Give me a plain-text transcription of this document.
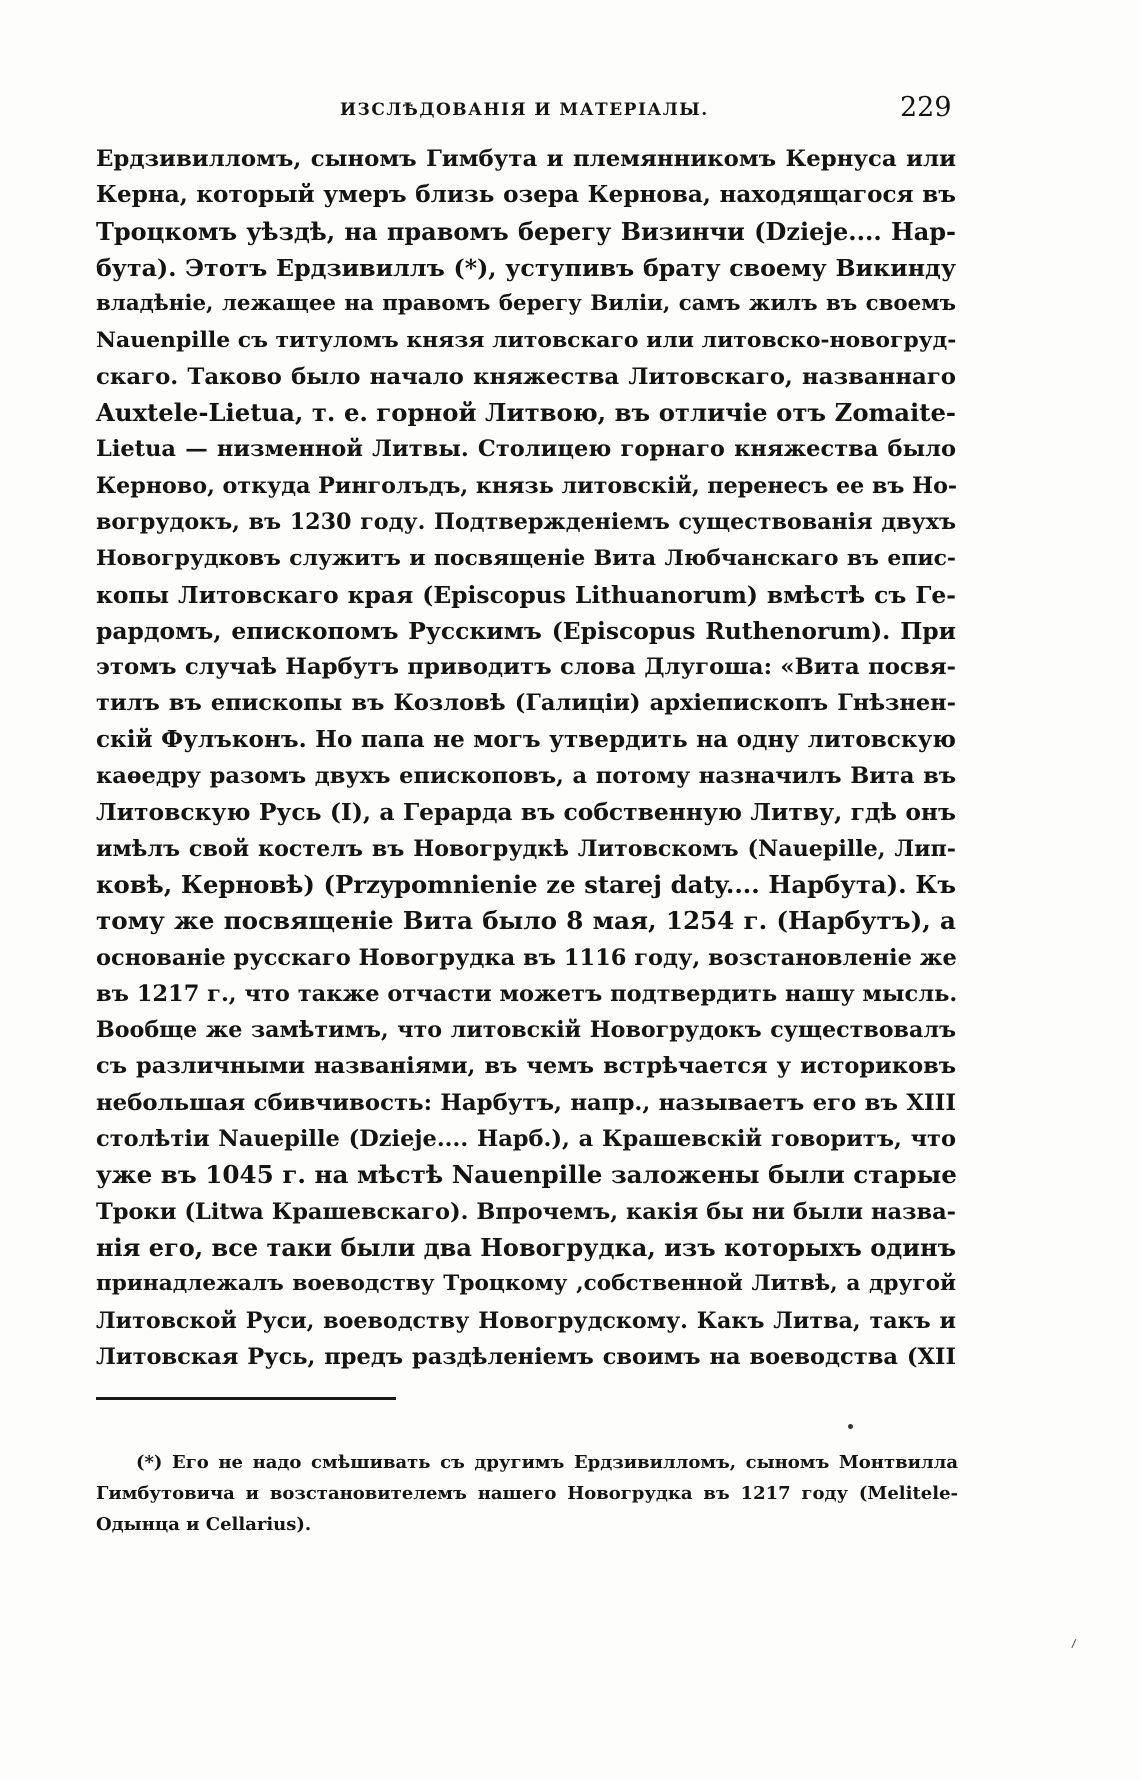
ИЗСЛѢДОВАНІЯ И МАТЕРІАЛЫ.	229
Ердзивилломъ, сыномъ Гимбута и племянникомъ Кернуса или
Керна, который умеръ близь озера Кернова, находящагося въ
Троцкомъ уѣздѣ, на правомъ берегу Визинчи (Dzieje.... Нар-
бута). Этотъ Ердзивиллъ (*), уступивъ брату своему Викинду
владѣніе, лежащее на правомъ берегу Виліи, самъ жилъ въ своемъ
Nauenpille съ титуломъ князя литовскаго или литовско-новогруд-
скаго. Таково было начало княжества Литовскаго, названнаго
Auxtele-Lietua, т. е. горной Литвою, въ отличіе отъ Zomaite-
Lietua — низменной Литвы. Столицею горнаго княжества было
Керново, откуда Ринголъдъ, князь литовскій, перенесъ ее въ Но-
вогрудокъ, въ 1230 году. Подтвержденіемъ существованія двухъ
Новогрудковъ служитъ и посвященіе Вита Любчанскаго въ епис-
копы Литовскаго края (Episcopus Lithuanorum) вмѣстѣ съ Ге-
рардомъ, епископомъ Русскимъ (Episcopus Ruthenorum). При
этомъ случаѣ Нарбутъ приводитъ слова Длугоша: «Вита посвя-
тилъ въ епископы въ Козловѣ (Галиціи) архіепископъ Гнѣзнен-
скій Фулъконъ. Но папа не могъ утвердить на одну литовскую
каѳедру разомъ двухъ епископовъ, а потому назначилъ Вита въ
Литовскую Русь (I), а Герарда въ собственную Литву, гдѣ онъ
имѣлъ свой костелъ въ Новогрудкѣ Литовскомъ (Nauepille, Лип-
ковѣ, Керновѣ) (Przypomnienie ze starej daty.... Нарбута). Къ
тому же посвященіе Вита было 8 мая, 1254 г. (Нарбутъ), а
основаніе русскаго Новогрудка въ 1116 году, возстановленіе же
въ 1217 г., что также отчасти можетъ подтвердить нашу мысль.
Вообще же замѣтимъ, что литовскій Новогрудокъ существовалъ
съ различными названіями, въ чемъ встрѣчается у историковъ
небольшая сбивчивость: Нарбутъ, напр., называетъ его въ XIII
столѣтіи Nauepille (Dzieje.... Нарб.), а Крашевскій говоритъ, что
уже въ 1045 г. на мѣстѣ Nauenpille заложены были старые
Троки (Litwa Крашевскаго). Впрочемъ, какія бы ни были назва-
нія его, все таки были два Новогрудка, изъ которыхъ одинъ
принадлежалъ воеводству Троцкому ,собственной Литвѣ, а другой
Литовской Руси, воеводству Новогрудскому. Какъ Литва, такъ и
Литовская Русь, предъ раздѣленіемъ своимъ на воеводства (XII
(*) Его не надо смѣшивать съ другимъ Ердзивилломъ, сыномъ Монтвилла
Гимбутовича и возстановителемъ нашего Новогрудка въ 1217 году (Melitele-
Одынца и Cellarius).
⸝
